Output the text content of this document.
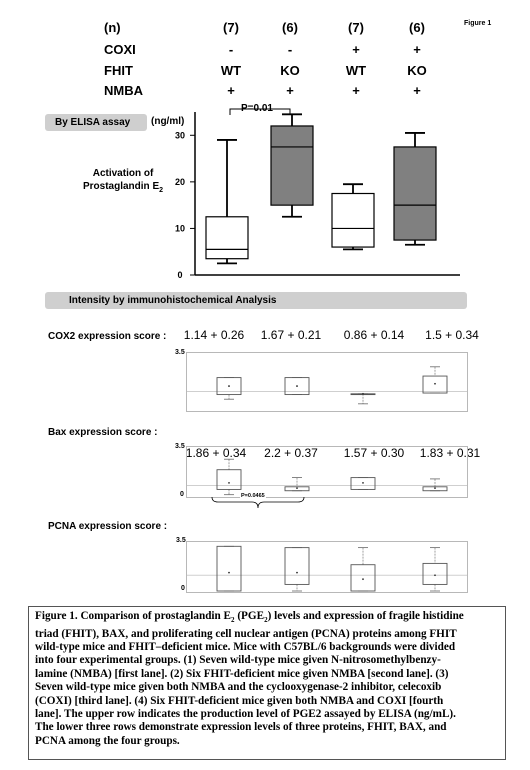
Figure 1
(n)	(7)	(6)	(7)	(6)
COXI	-	-	+	+
FHIT	WT	KO	WT	KO
NMBA	+	+	+	+
By ELISA assay	(ng/ml)
Activation of
Prostaglandin $E_2$
P=0.01
0
10
20
30
Intensity by immunohistochemical Analysis
COX2 expression score :	1.14 + 0.26	1.67 + 0.21	0.86 + 0.14	1.5 + 0.34
3.5
Bax expression score :
1.86 + 0.34	2.2 + 0.37	1.57 + 0.30	1.83 + 0.31
3.5
0	P=0.0465
PCNA expression score :
3.5
0
Figure 1. Comparison of prostaglandin $E_2$ $(PGE_2)$ levels and expression of fragile histidine
triad (FHIT), BAX, and proliferating cell nuclear antigen (PCNA) proteins among FHIT
wild-type mice and FHIT–deficient mice. Mice with C57BL/6 backgrounds were divided
into four experimental groups. (1) Seven wild-type mice given N-nitrosomethylbenzy-
lamine (NMBA) [first lane]. (2) Six FHIT-deficient mice given NMBA [second lane]. (3)
Seven wild-type mice given both NMBA and the cyclooxygenase-2 inhibitor, celecoxib
(COXI) [third lane]. (4) Six FHIT-deficient mice given both NMBA and COXI [fourth
lane]. The upper row indicates the production level of PGE2 assayed by ELISA (ng/mL).
The lower three rows demonstrate expression levels of three proteins, FHIT, BAX, and
PCNA among the four groups.
